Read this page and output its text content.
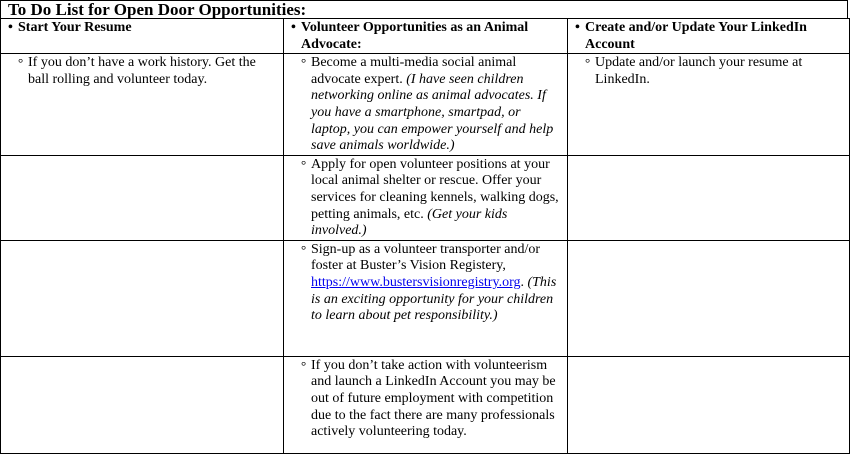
To Do List for Open Door Opportunities:
• Start Your Resume	• Volunteer Opportunities as an Animal Advocate:	• Create and/or Update Your LinkedIn Account

° If you don’t have a work history. Get the ball rolling and volunteer today.	° Become a multi-media social animal advocate expert. (I have seen children networking online as animal advocates. If you have a smartphone, smartpad, or laptop, you can empower yourself and help save animals worldwide.)	° Update and/or launch your resume at LinkedIn.

	° Apply for open volunteer positions at your local animal shelter or rescue. Offer your services for cleaning kennels, walking dogs, petting animals, etc. (Get your kids involved.)	

	° Sign-up as a volunteer transporter and/or foster at Buster’s Vision Registery, https://www.bustersvisionregistry.org. (This is an exciting opportunity for your children to learn about pet responsibility.)	

	° If you don’t take action with volunteerism and launch a LinkedIn Account you may be out of future employment with competition due to the fact there are many professionals actively volunteering today.	
